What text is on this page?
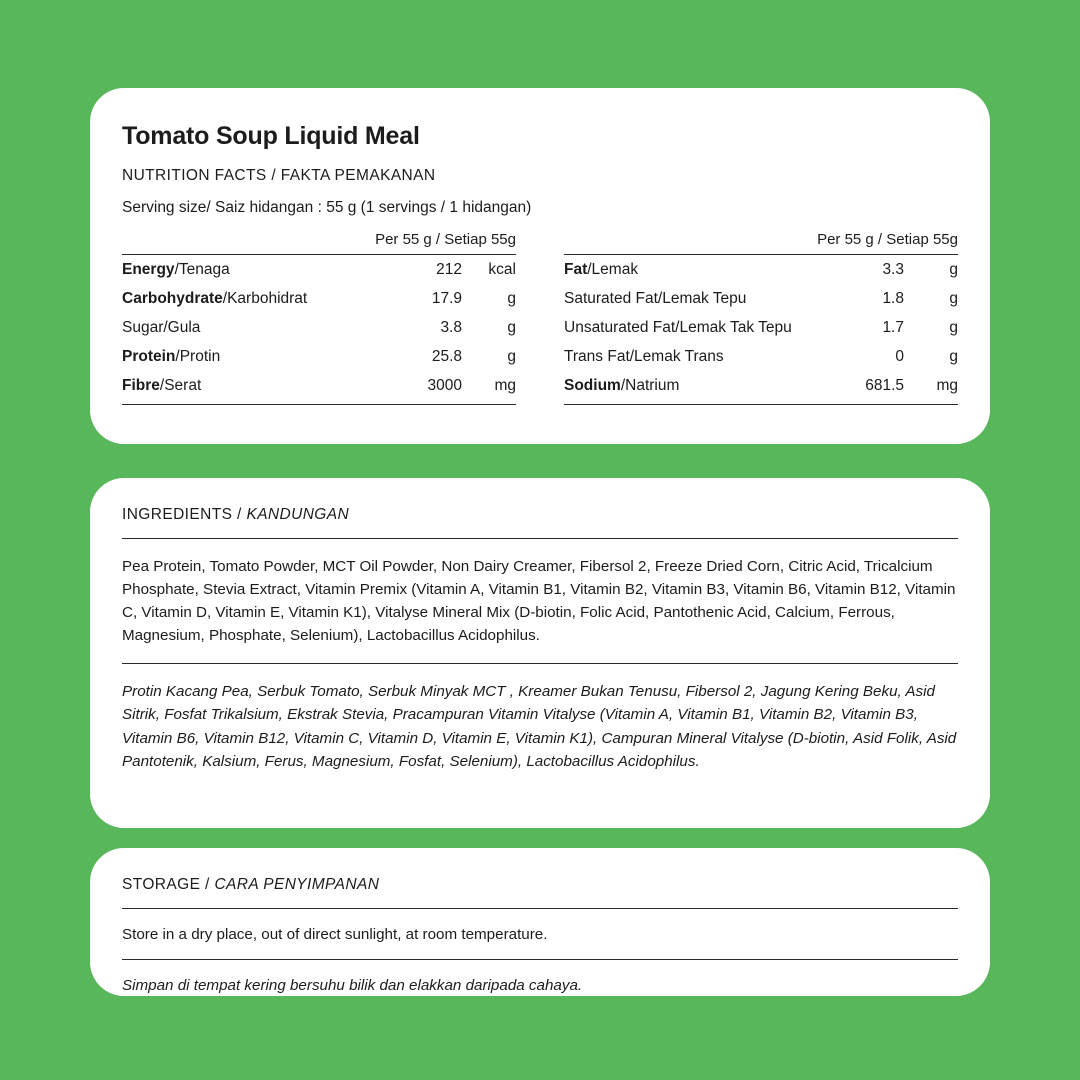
Tomato Soup Liquid Meal
NUTRITION FACTS / FAKTA PEMAKANAN
Serving size/ Saiz hidangan : 55 g (1 servings / 1 hidangan)
Per 55 g / Setiap 55g
Energy/Tenaga	212	kcal
Carbohydrate/Karbohidrat	17.9	g
Sugar/Gula	3.8	g
Protein/Protin	25.8	g
Fibre/Serat	3000	mg
Per 55 g / Setiap 55g
Fat/Lemak	3.3	g
Saturated Fat/Lemak Tepu	1.8	g
Unsaturated Fat/Lemak Tak Tepu	1.7	g
Trans Fat/Lemak Trans	0	g
Sodium/Natrium	681.5	mg
INGREDIENTS / KANDUNGAN
Pea Protein, Tomato Powder, MCT Oil Powder, Non Dairy Creamer, Fibersol 2, Freeze Dried Corn, Citric Acid, Tricalcium Phosphate, Stevia Extract, Vitamin Premix (Vitamin A, Vitamin B1, Vitamin B2, Vitamin B3, Vitamin B6, Vitamin B12, Vitamin C, Vitamin D, Vitamin E, Vitamin K1), Vitalyse Mineral Mix (D-biotin, Folic Acid, Pantothenic Acid, Calcium, Ferrous, Magnesium, Phosphate, Selenium), Lactobacillus Acidophilus.
Protin Kacang Pea, Serbuk Tomato, Serbuk Minyak MCT , Kreamer Bukan Tenusu, Fibersol 2, Jagung Kering Beku, Asid Sitrik, Fosfat Trikalsium, Ekstrak Stevia, Pracampuran Vitamin Vitalyse (Vitamin A, Vitamin B1, Vitamin B2, Vitamin B3, Vitamin B6, Vitamin B12, Vitamin C, Vitamin D, Vitamin E, Vitamin K1), Campuran Mineral Vitalyse (D-biotin, Asid Folik, Asid Pantotenik, Kalsium, Ferus, Magnesium, Fosfat, Selenium), Lactobacillus Acidophilus.
STORAGE / CARA PENYIMPANAN
Store in a dry place, out of direct sunlight, at room temperature.
Simpan di tempat kering bersuhu bilik dan elakkan daripada cahaya.
